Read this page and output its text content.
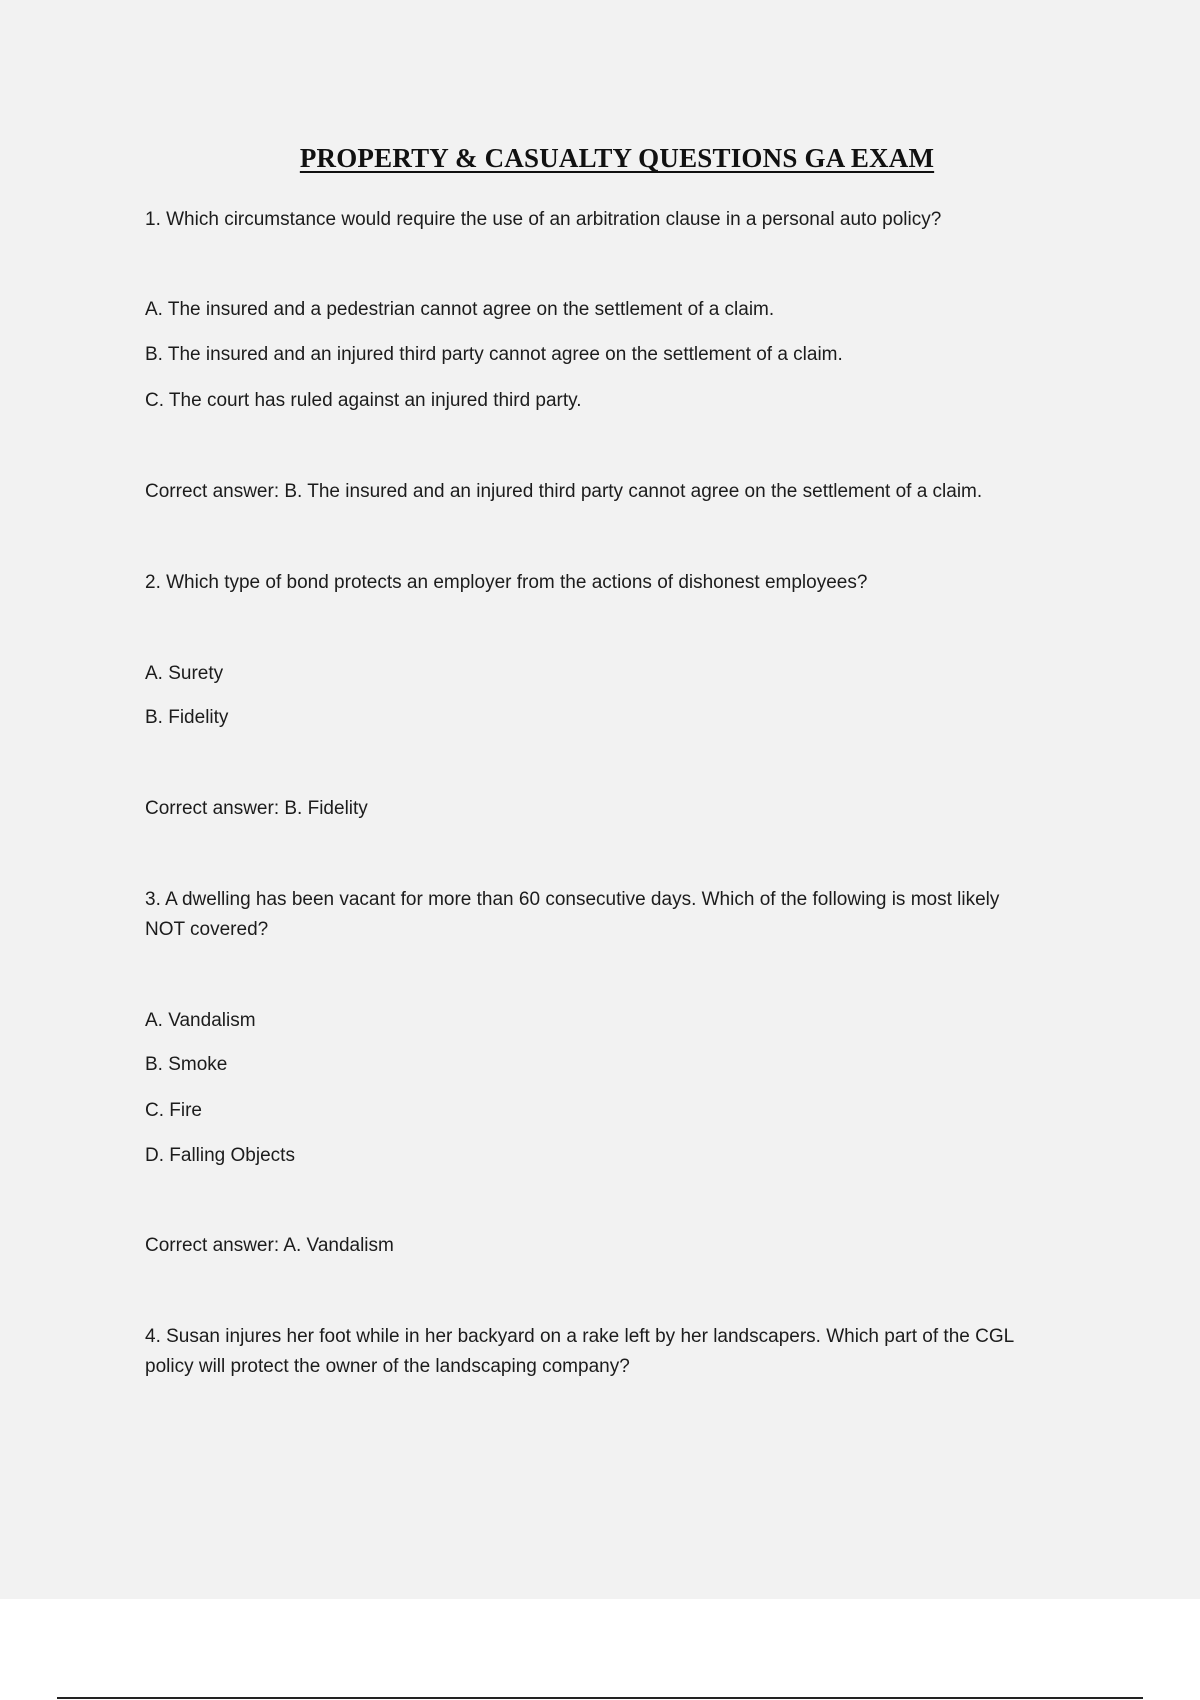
PROPERTY & CASUALTY QUESTIONS GA EXAM
1. Which circumstance would require the use of an arbitration clause in a personal auto policy?
A. The insured and a pedestrian cannot agree on the settlement of a claim.
B. The insured and an injured third party cannot agree on the settlement of a claim.
C. The court has ruled against an injured third party.
Correct answer: B. The insured and an injured third party cannot agree on the settlement of a claim.
2. Which type of bond protects an employer from the actions of dishonest employees?
A. Surety
B. Fidelity
Correct answer: B. Fidelity
3. A dwelling has been vacant for more than 60 consecutive days. Which of the following is most likely
NOT covered?
A. Vandalism
B. Smoke
C. Fire
D. Falling Objects
Correct answer: A. Vandalism
4. Susan injures her foot while in her backyard on a rake left by her landscapers. Which part of the CGL
policy will protect the owner of the landscaping company?
